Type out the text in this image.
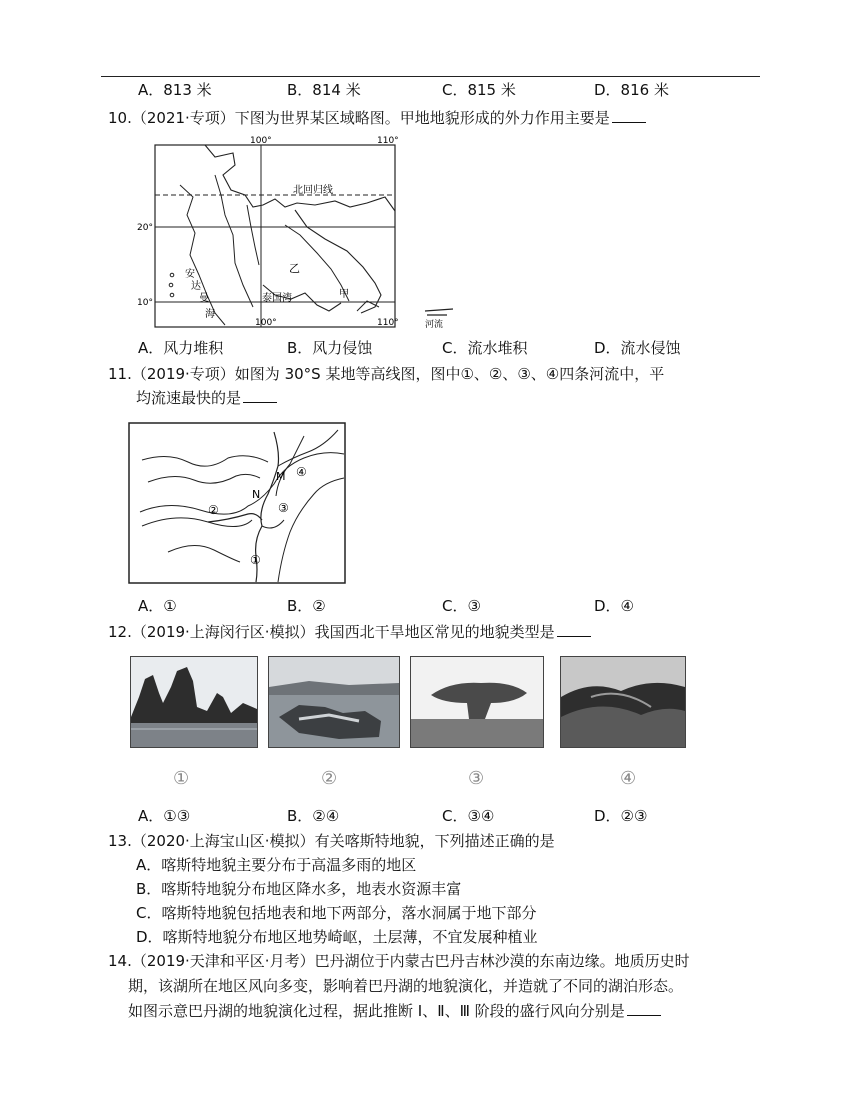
A．813 米	B．814 米	C．815 米	D．816 米
10.（2021·专项）下图为世界某区域略图。甲地地貌形成的外力作用主要是
100°	110°
100°	110°
20°
10°
北回归线
安
达
曼
海
乙
泰国湾	甲
河流
A．风力堆积	B．风力侵蚀	C．流水堆积	D．流水侵蚀
11.（2019·专项）如图为 30°S 某地等高线图，图中①、②、③、④四条河流中，平
均流速最快的是
M
N
②	③
④
①
A．①	B．②	C．③	D．④
12.（2019·上海闵行区·模拟）我国西北干旱地区常见的地貌类型是
①	②	③	④
A．①③	B．②④	C．③④	D．②③
13.（2020·上海宝山区·模拟）有关喀斯特地貌，下列描述正确的是
A．喀斯特地貌主要分布于高温多雨的地区
B．喀斯特地貌分布地区降水多，地表水资源丰富
C．喀斯特地貌包括地表和地下两部分，落水洞属于地下部分
D．喀斯特地貌分布地区地势崎岖，土层薄，不宜发展种植业
14.（2019·天津和平区·月考）巴丹湖位于内蒙古巴丹吉林沙漠的东南边缘。地质历史时
期，该湖所在地区风向多变，影响着巴丹湖的地貌演化，并造就了不同的湖泊形态。
如图示意巴丹湖的地貌演化过程，据此推断 Ⅰ、Ⅱ、Ⅲ 阶段的盛行风向分别是
